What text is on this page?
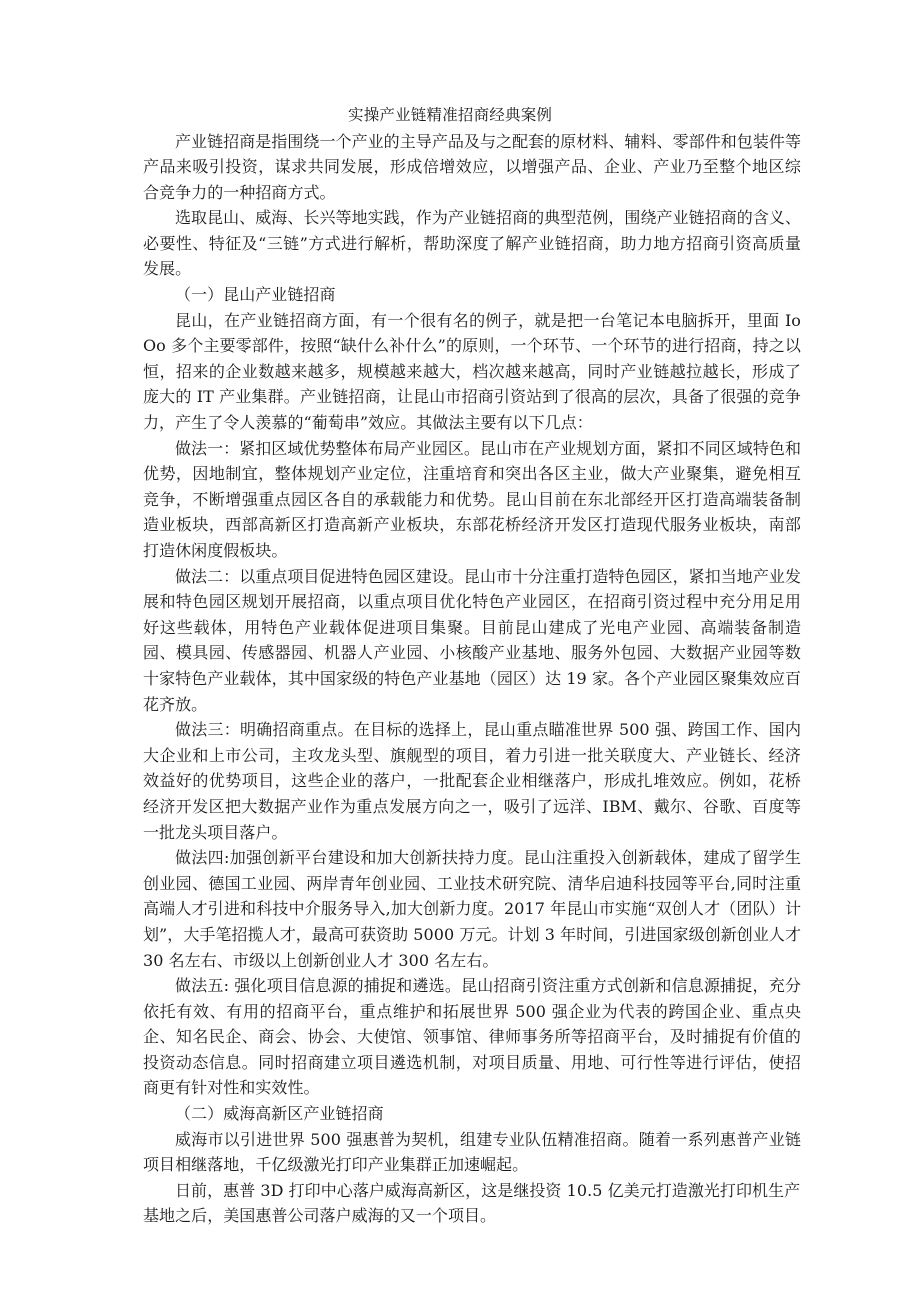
实操产业链精准招商经典案例

产业链招商是指围绕一个产业的主导产品及与之配套的原材料、辅料、零部件和包装件等产品来吸引投资，谋求共同发展，形成倍增效应，以增强产品、企业、产业乃至整个地区综合竞争力的一种招商方式。

选取昆山、威海、长兴等地实践，作为产业链招商的典型范例，围绕产业链招商的含义、必要性、特征及“三链”方式进行解析，帮助深度了解产业链招商，助力地方招商引资高质量发展。

（一）昆山产业链招商

昆山，在产业链招商方面，有一个很有名的例子，就是把一台笔记本电脑拆开，里面 IoOo 多个主要零部件，按照“缺什么补什么”的原则，一个环节、一个环节的进行招商，持之以恒，招来的企业数越来越多，规模越来越大，档次越来越高，同时产业链越拉越长，形成了庞大的 IT 产业集群。产业链招商，让昆山市招商引资站到了很高的层次，具备了很强的竞争力，产生了令人羡慕的“葡萄串”效应。其做法主要有以下几点：

做法一：紧扣区域优势整体布局产业园区。昆山市在产业规划方面，紧扣不同区域特色和优势，因地制宜，整体规划产业定位，注重培育和突出各区主业，做大产业聚集，避免相互竞争，不断增强重点园区各自的承载能力和优势。昆山目前在东北部经开区打造高端装备制造业板块，西部高新区打造高新产业板块，东部花桥经济开发区打造现代服务业板块，南部打造休闲度假板块。

做法二：以重点项目促进特色园区建设。昆山市十分注重打造特色园区，紧扣当地产业发展和特色园区规划开展招商，以重点项目优化特色产业园区，在招商引资过程中充分用足用好这些载体，用特色产业载体促进项目集聚。目前昆山建成了光电产业园、高端装备制造园、模具园、传感器园、机器人产业园、小核酸产业基地、服务外包园、大数据产业园等数十家特色产业载体，其中国家级的特色产业基地（园区）达 19 家。各个产业园区聚集效应百花齐放。

做法三：明确招商重点。在目标的选择上，昆山重点瞄准世界 500 强、跨国工作、国内大企业和上市公司，主攻龙头型、旗舰型的项目，着力引进一批关联度大、产业链长、经济效益好的优势项目，这些企业的落户，一批配套企业相继落户，形成扎堆效应。例如，花桥经济开发区把大数据产业作为重点发展方向之一，吸引了远洋、IBM、戴尔、谷歌、百度等一批龙头项目落户。

做法四:加强创新平台建设和加大创新扶持力度。昆山注重投入创新载体，建成了留学生创业园、德国工业园、两岸青年创业园、工业技术研究院、清华启迪科技园等平台,同时注重高端人才引进和科技中介服务导入,加大创新力度。2017 年昆山市实施“双创人才（团队）计划”，大手笔招揽人才，最高可获资助 5000 万元。计划 3 年时间，引进国家级创新创业人才 30 名左右、市级以上创新创业人才 300 名左右。

做法五: 强化项目信息源的捕捉和遴选。昆山招商引资注重方式创新和信息源捕捉，充分依托有效、有用的招商平台，重点维护和拓展世界 500 强企业为代表的跨国企业、重点央企、知名民企、商会、协会、大使馆、领事馆、律师事务所等招商平台，及时捕捉有价值的投资动态信息。同时招商建立项目遴选机制，对项目质量、用地、可行性等进行评估，使招商更有针对性和实效性。

（二）威海高新区产业链招商

威海市以引进世界 500 强惠普为契机，组建专业队伍精准招商。随着一系列惠普产业链项目相继落地，千亿级激光打印产业集群正加速崛起。

日前，惠普 3D 打印中心落户威海高新区，这是继投资 10.5 亿美元打造激光打印机生产基地之后，美国惠普公司落户威海的又一个项目。
